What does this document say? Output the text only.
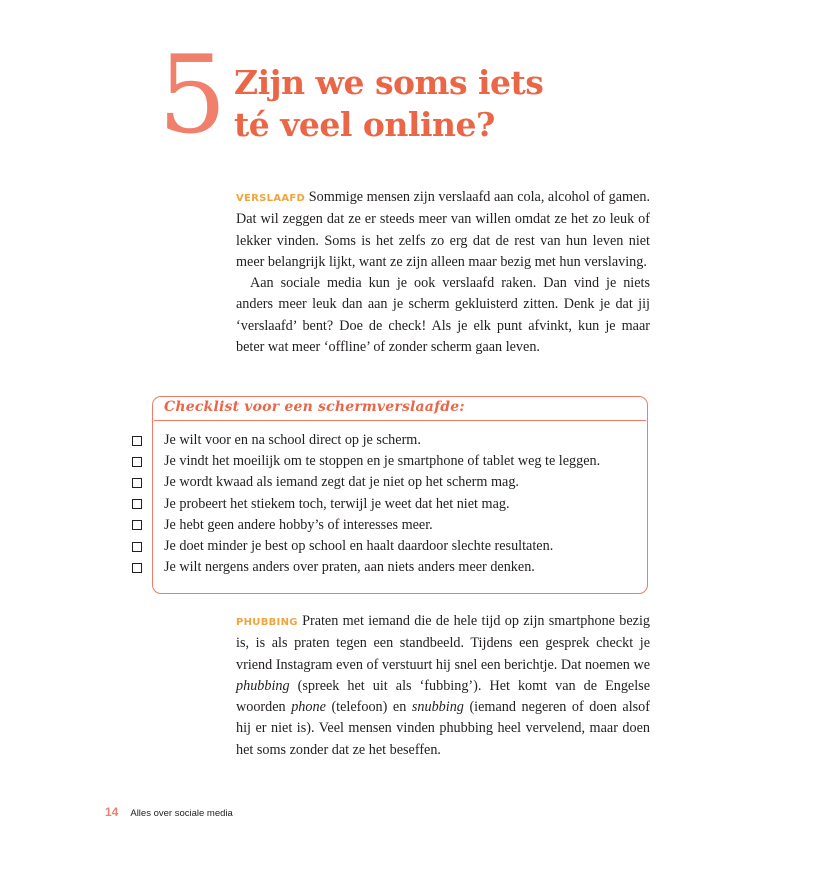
5 Zijn we soms iets
té veel online?

VERSLAAFD Sommige mensen zijn verslaafd aan cola, alcohol of gamen. Dat wil zeggen dat ze er steeds meer van willen omdat ze het zo leuk of lekker vinden. Soms is het zelfs zo erg dat de rest van hun leven niet meer belangrijk lijkt, want ze zijn alleen maar bezig met hun verslaving.

Aan sociale media kun je ook verslaafd raken. Dan vind je niets anders meer leuk dan aan je scherm gekluisterd zitten. Denk je dat jij ‘verslaafd’ bent? Doe de check! Als je elk punt afvinkt, kun je maar beter wat meer ‘offline’ of zonder scherm gaan leven.

Checklist voor een schermverslaafde:
Je wilt voor en na school direct op je scherm.
Je vindt het moeilijk om te stoppen en je smartphone of tablet weg te leggen.
Je wordt kwaad als iemand zegt dat je niet op het scherm mag.
Je probeert het stiekem toch, terwijl je weet dat het niet mag.
Je hebt geen andere hobby’s of interesses meer.
Je doet minder je best op school en haalt daardoor slechte resultaten.
Je wilt nergens anders over praten, aan niets anders meer denken.

PHUBBING Praten met iemand die de hele tijd op zijn smartphone bezig is, is als praten tegen een standbeeld. Tijdens een gesprek checkt je vriend Instagram even of verstuurt hij snel een berichtje. Dat noemen we phubbing (spreek het uit als ‘fubbing’). Het komt van de Engelse woorden phone (telefoon) en snubbing (iemand negeren of doen alsof hij er niet is). Veel mensen vinden phubbing heel vervelend, maar doen het soms zonder dat ze het beseffen.

14 Alles over sociale media
